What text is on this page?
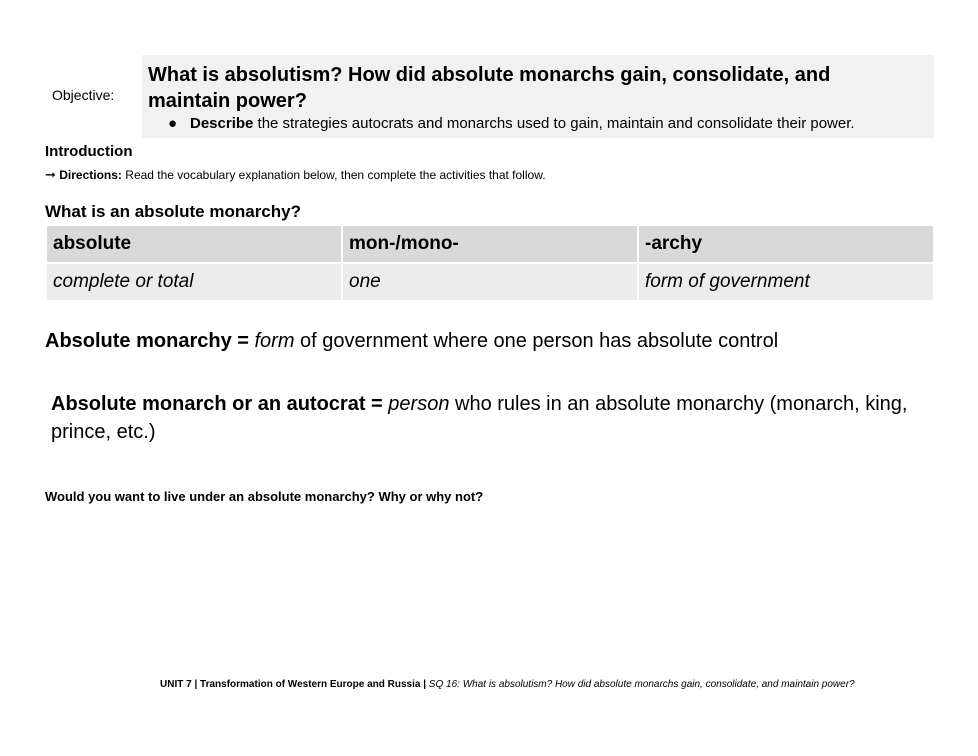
Objective:
What is absolutism? How did absolute monarchs gain, consolidate, and maintain power?
● Describe the strategies autocrats and monarchs used to gain, maintain and consolidate their power.
Introduction
➞ Directions: Read the vocabulary explanation below, then complete the activities that follow.
What is an absolute monarchy?
absolute	mon-/mono-	-archy
complete or total	one	form of government
Absolute monarchy = form of government where one person has absolute control
Absolute monarch or an autocrat = person who rules in an absolute monarchy (monarch, king, prince, etc.)
Would you want to live under an absolute monarchy? Why or why not?
UNIT 7 | Transformation of Western Europe and Russia | SQ 16: What is absolutism? How did absolute monarchs gain, consolidate, and maintain power?
